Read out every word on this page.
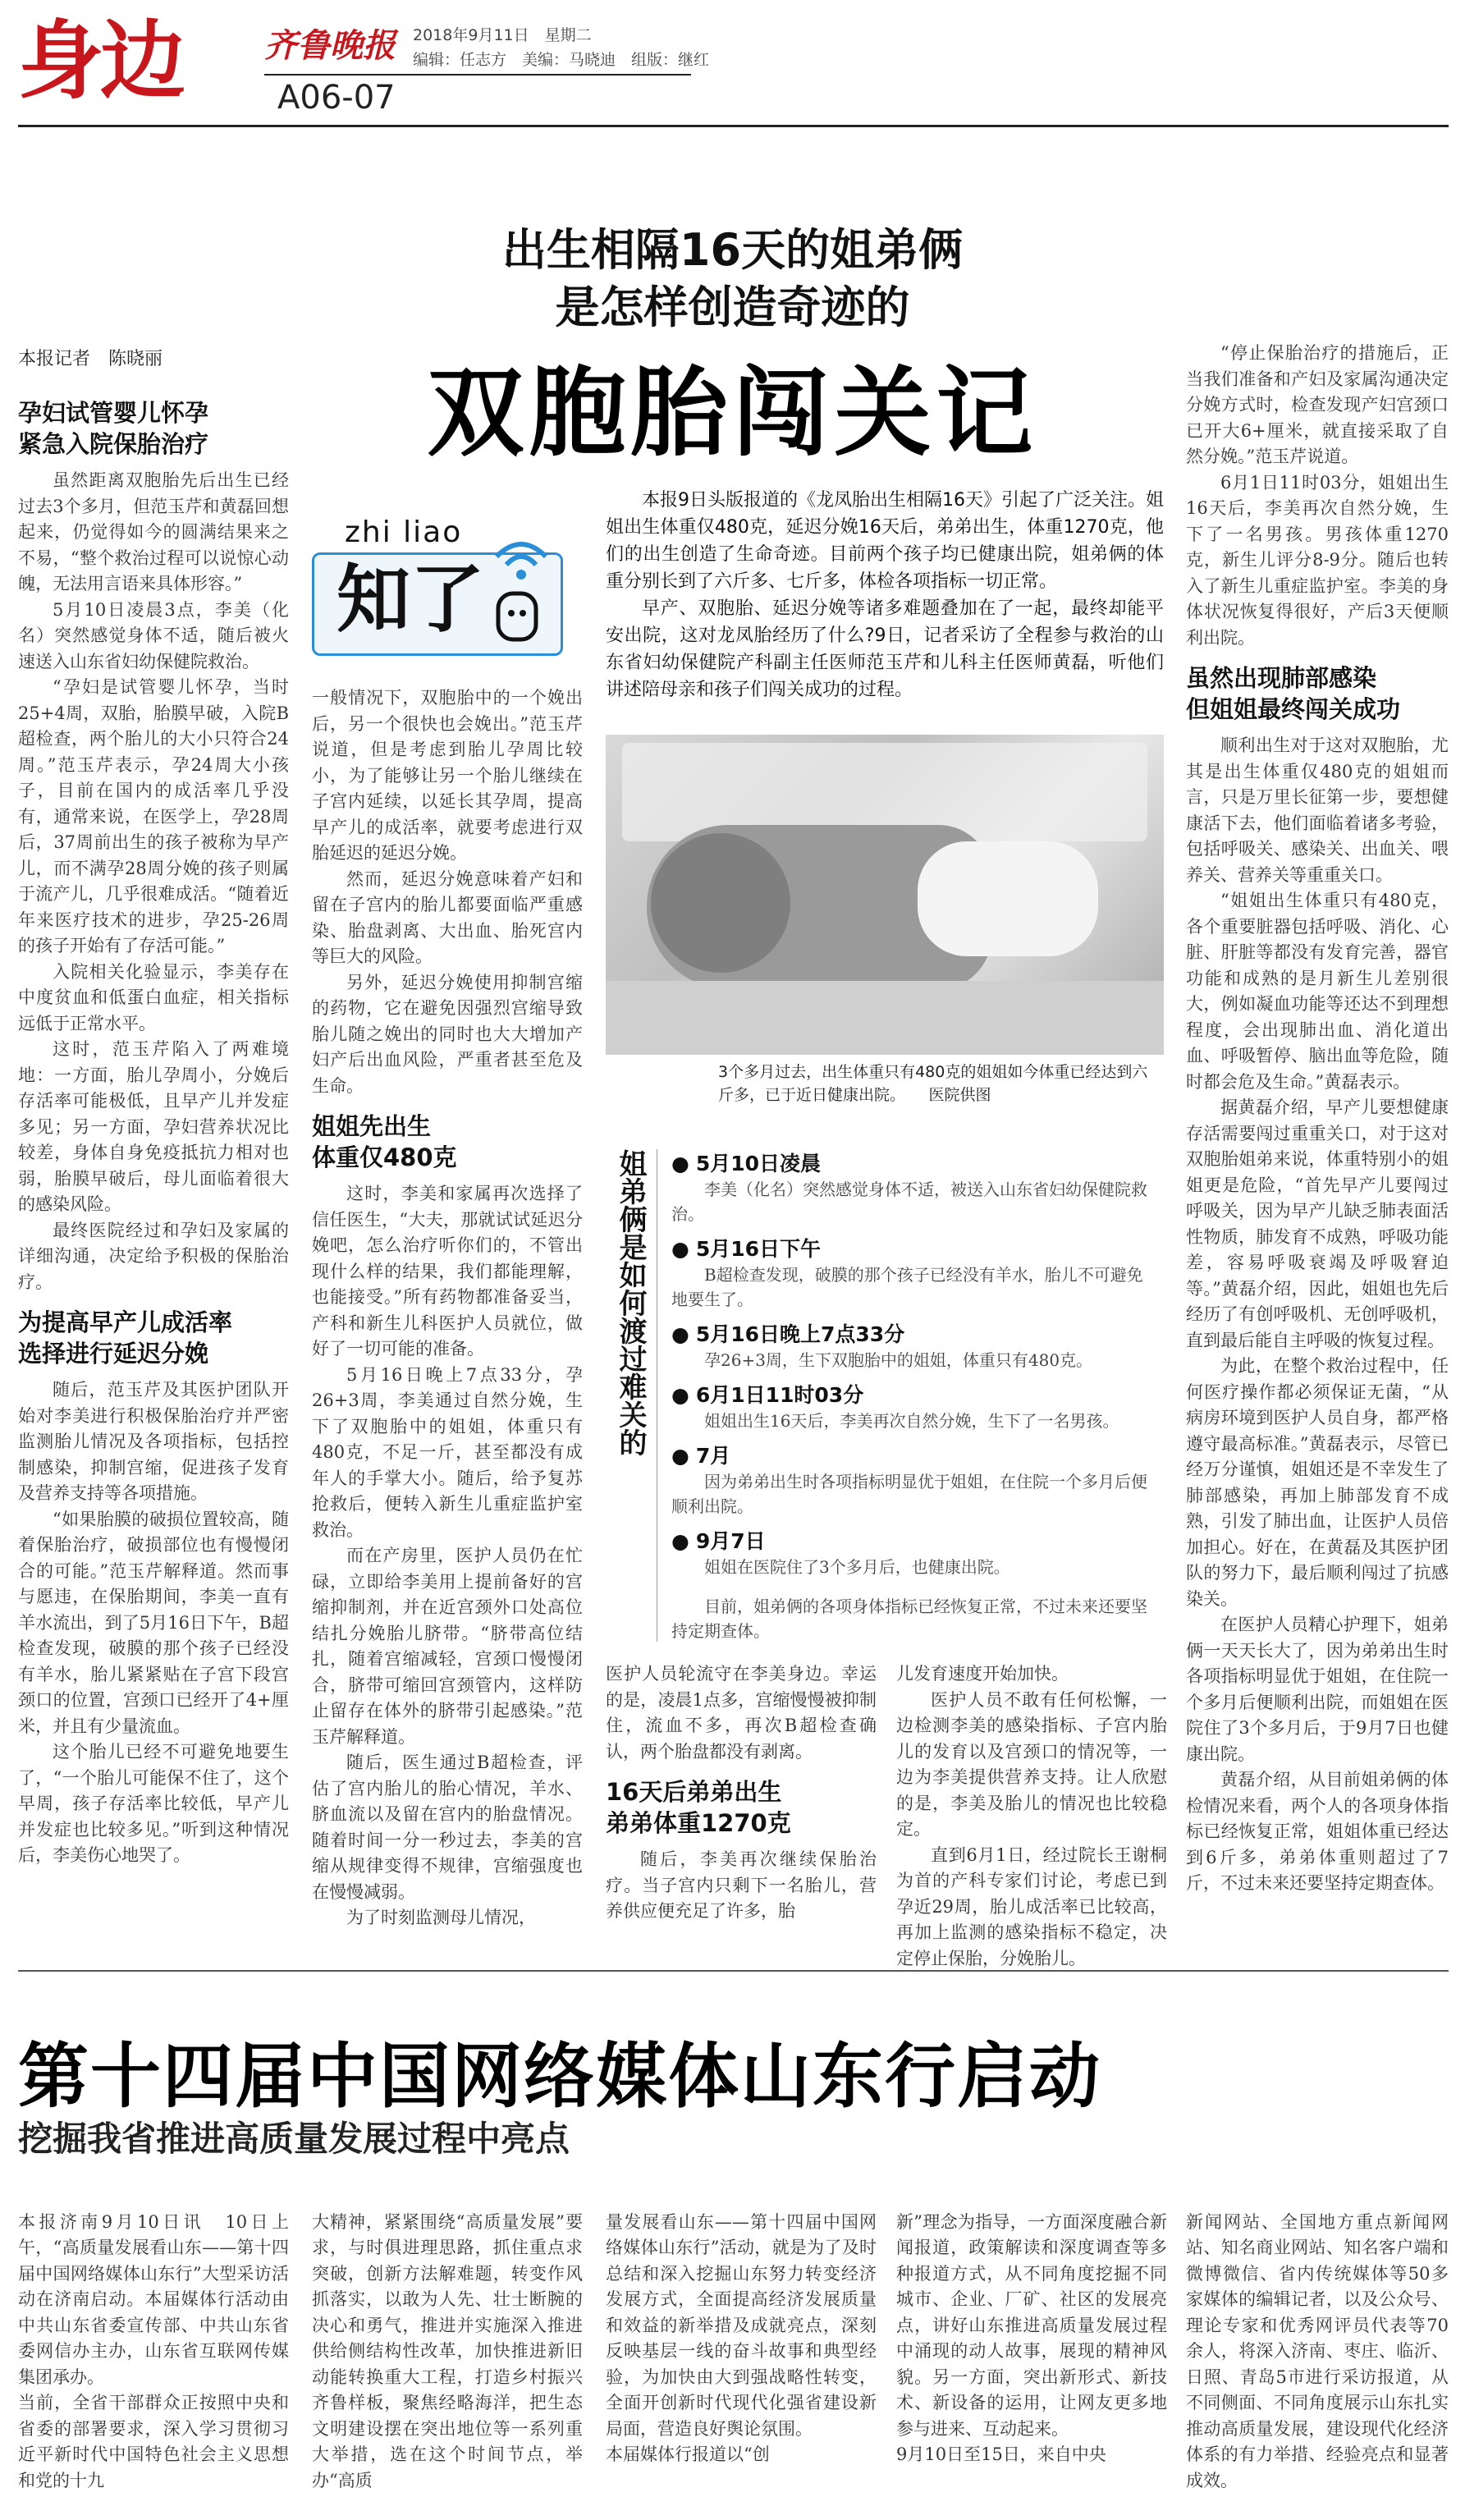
身边 齐鲁晚报 2018年9月11日　星期二
编辑：任志方　美编：马晓迪　组版：继红
A06-07
出生相隔16天的姐弟俩
是怎样创造奇迹的
双胞胎闯关记
本报记者　陈晓丽
zhi liao
知了

本报9日头版报道的《龙凤胎出生相隔16天》引起了广泛关注。姐姐出生体重仅480克，延迟分娩16天后，弟弟出生，体重1270克，他们的出生创造了生命奇迹。目前两个孩子均已健康出院，姐弟俩的体重分别长到了六斤多、七斤多，体检各项指标一切正常。

早产、双胞胎、延迟分娩等诸多难题叠加在了一起，最终却能平安出院，这对龙凤胎经历了什么?9日，记者采访了全程参与救治的山东省妇幼保健院产科副主任医师范玉芹和儿科主任医师黄磊，听他们讲述陪母亲和孩子们闯关成功的过程。

3个多月过去，出生体重只有480克的姐姐如今体重已经达到六斤多，已于近日健康出院。　　医院供图
姐弟俩是如何渡过难关的
●	5月10日凌晨
李美（化名）突然感觉身体不适，被送入山东省妇幼保健院救治。
● 5月16日下午
B超检查发现，破膜的那个孩子已经没有羊水，胎儿不可避免地要生了。
● 5月16日晚上7点33分
孕26+3周，生下双胞胎中的姐姐，体重只有480克。
● 6月1日11时03分
姐姐出生16天后，李美再次自然分娩，生下了一名男孩。
● 7月
因为弟弟出生时各项指标明显优于姐姐，在住院一个多月后便顺利出院。
● 9月7日
姐姐在医院住了3个多月后，也健康出院。
目前，姐弟俩的各项身体指标已经恢复正常，不过未来还要坚持定期查体。
孕妇试管婴儿怀孕
紧急入院保胎治疗

虽然距离双胞胎先后出生已经过去3个多月，但范玉芹和黄磊回想起来，仍觉得如今的圆满结果来之不易，“整个救治过程可以说惊心动魄，无法用言语来具体形容。”

5月10日凌晨3点，李美（化名）突然感觉身体不适，随后被火速送入山东省妇幼保健院救治。

“孕妇是试管婴儿怀孕，当时25+4周，双胎，胎膜早破，入院B超检查，两个胎儿的大小只符合24周。”范玉芹表示，孕24周大小孩子，目前在国内的成活率几乎没有，通常来说，在医学上，孕28周后，37周前出生的孩子被称为早产儿，而不满孕28周分娩的孩子则属于流产儿，几乎很难成活。“随着近年来医疗技术的进步，孕25-26周的孩子开始有了存活可能。”

入院相关化验显示，李美存在中度贫血和低蛋白血症，相关指标远低于正常水平。

这时，范玉芹陷入了两难境地：一方面，胎儿孕周小，分娩后存活率可能极低，且早产儿并发症多见；另一方面，孕妇营养状况比较差，身体自身免疫抵抗力相对也弱，胎膜早破后，母儿面临着很大的感染风险。

最终医院经过和孕妇及家属的详细沟通，决定给予积极的保胎治疗。

为提高早产儿成活率
选择进行延迟分娩

随后，范玉芹及其医护团队开始对李美进行积极保胎治疗并严密监测胎儿情况及各项指标，包括控制感染，抑制宫缩，促进孩子发育及营养支持等各项措施。

“如果胎膜的破损位置较高，随着保胎治疗，破损部位也有慢慢闭合的可能。”范玉芹解释道。然而事与愿违，在保胎期间，李美一直有羊水流出，到了5月16日下午，B超检查发现，破膜的那个孩子已经没有羊水，胎儿紧紧贴在子宫下段宫颈口的位置，宫颈口已经开了4+厘米，并且有少量流血。

这个胎儿已经不可避免地要生了，“一个胎儿可能保不住了，这个早周，孩子存活率比较低，早产儿并发症也比较多见。”听到这种情况后，李美伤心地哭了。

一般情况下，双胞胎中的一个娩出后，另一个很快也会娩出。”范玉芹说道，但是考虑到胎儿孕周比较小，为了能够让另一个胎儿继续在子宫内延续，以延长其孕周，提高早产儿的成活率，就要考虑进行双胎延迟的延迟分娩。

然而，延迟分娩意味着产妇和留在子宫内的胎儿都要面临严重感染、胎盘剥离、大出血、胎死宫内等巨大的风险。

另外，延迟分娩使用抑制宫缩的药物，它在避免因强烈宫缩导致胎儿随之娩出的同时也大大增加产妇产后出血风险，严重者甚至危及生命。

姐姐先出生
体重仅480克

这时，李美和家属再次选择了信任医生，“大夫，那就试试延迟分娩吧，怎么治疗听你们的，不管出现什么样的结果，我们都能理解，也能接受。”所有药物都准备妥当，产科和新生儿科医护人员就位，做好了一切可能的准备。

5月16日晚上7点33分，孕26+3周，李美通过自然分娩，生下了双胞胎中的姐姐，体重只有480克，不足一斤，甚至都没有成年人的手掌大小。随后，给予复苏抢救后，便转入新生儿重症监护室救治。

而在产房里，医护人员仍在忙碌，立即给李美用上提前备好的宫缩抑制剂，并在近宫颈外口处高位结扎分娩胎儿脐带。“脐带高位结扎，随着宫缩减轻，宫颈口慢慢闭合，脐带可缩回宫颈管内，这样防止留存在体外的脐带引起感染。”范玉芹解释道。

随后，医生通过B超检查，评估了宫内胎儿的胎心情况，羊水、脐血流以及留在宫内的胎盘情况。随着时间一分一秒过去，李美的宫缩从规律变得不规律，宫缩强度也在慢慢减弱。

为了时刻监测母儿情况，

医护人员轮流守在李美身边。幸运的是，凌晨1点多，宫缩慢慢被抑制住，流血不多，再次B超检查确认，两个胎盘都没有剥离。

16天后弟弟出生
弟弟体重1270克

随后，李美再次继续保胎治疗。当子宫内只剩下一名胎儿，营养供应便充足了许多，胎

儿发育速度开始加快。

医护人员不敢有任何松懈，一边检测李美的感染指标、子宫内胎儿的发育以及宫颈口的情况等，一边为李美提供营养支持。让人欣慰的是，李美及胎儿的情况也比较稳定。

直到6月1日，经过院长王谢桐为首的产科专家们讨论，考虑已到孕近29周，胎儿成活率已比较高，再加上监测的感染指标不稳定，决定停止保胎，分娩胎儿。

“停止保胎治疗的措施后，正当我们准备和产妇及家属沟通决定分娩方式时，检查发现产妇宫颈口已开大6+厘米，就直接采取了自然分娩。”范玉芹说道。

6月1日11时03分，姐姐出生16天后，李美再次自然分娩，生下了一名男孩。男孩体重1270克，新生儿评分8-9分。随后也转入了新生儿重症监护室。李美的身体状况恢复得很好，产后3天便顺利出院。

虽然出现肺部感染
但姐姐最终闯关成功

顺利出生对于这对双胞胎，尤其是出生体重仅480克的姐姐而言，只是万里长征第一步，要想健康活下去，他们面临着诸多考验，包括呼吸关、感染关、出血关、喂养关、营养关等重重关口。

“姐姐出生体重只有480克，各个重要脏器包括呼吸、消化、心脏、肝脏等都没有发育完善，器官功能和成熟的是月新生儿差别很大，例如凝血功能等还达不到理想程度，会出现肺出血、消化道出血、呼吸暂停、脑出血等危险，随时都会危及生命。”黄磊表示。

据黄磊介绍，早产儿要想健康存活需要闯过重重关口，对于这对双胞胎姐弟来说，体重特别小的姐姐更是危险，“首先早产儿要闯过呼吸关，因为早产儿缺乏肺表面活性物质，肺发育不成熟，呼吸功能差，容易呼吸衰竭及呼吸窘迫等。”黄磊介绍，因此，姐姐也先后经历了有创呼吸机、无创呼吸机，直到最后能自主呼吸的恢复过程。

为此，在整个救治过程中，任何医疗操作都必须保证无菌，“从病房环境到医护人员自身，都严格遵守最高标准。”黄磊表示，尽管已经万分谨慎，姐姐还是不幸发生了肺部感染，再加上肺部发育不成熟，引发了肺出血，让医护人员倍加担心。好在，在黄磊及其医护团队的努力下，最后顺利闯过了抗感染关。

在医护人员精心护理下，姐弟俩一天天长大了，因为弟弟出生时各项指标明显优于姐姐，在住院一个多月后便顺利出院，而姐姐在医院住了3个多月后，于9月7日也健康出院。

黄磊介绍，从目前姐弟俩的体检情况来看，两个人的各项身体指标已经恢复正常，姐姐体重已经达到6斤多，弟弟体重则超过了7斤，不过未来还要坚持定期查体。

第十四届中国网络媒体山东行启动
挖掘我省推进高质量发展过程中亮点

本报济南9月10日讯　10日上午，“高质量发展看山东——第十四届中国网络媒体山东行”大型采访活动在济南启动。本届媒体行活动由中共山东省委宣传部、中共山东省委网信办主办，山东省互联网传媒集团承办。
当前，全省干部群众正按照中央和省委的部署要求，深入学习贯彻习近平新时代中国特色社会主义思想和党的十九

大精神，紧紧围绕“高质量发展”要求，与时俱进理思路，抓住重点求突破，创新方法解难题，转变作风抓落实，以敢为人先、壮士断腕的决心和勇气，推进并实施深入推进供给侧结构性改革，加快推进新旧动能转换重大工程，打造乡村振兴齐鲁样板，聚焦经略海洋，把生态文明建设摆在突出地位等一系列重大举措，选在这个时间节点，举办“高质

量发展看山东——第十四届中国网络媒体山东行”活动，就是为了及时总结和深入挖掘山东努力转变经济发展方式，全面提高经济发展质量和效益的新举措及成就亮点，深刻反映基层一线的奋斗故事和典型经验，为加快由大到强战略性转变，全面开创新时代现代化强省建设新局面，营造良好舆论氛围。
本届媒体行报道以“创

新”理念为指导，一方面深度融合新闻报道，政策解读和深度调查等多种报道方式，从不同角度挖掘不同城市、企业、厂矿、社区的发展亮点，讲好山东推进高质量发展过程中涌现的动人故事，展现的精神风貌。另一方面，突出新形式、新技术、新设备的运用，让网友更多地参与进来、互动起来。
9月10日至15日，来自中央

新闻网站、全国地方重点新闻网站、知名商业网站、知名客户端和微博微信、省内传统媒体等50多家媒体的编辑记者，以及公众号、理论专家和优秀网评员代表等70余人，将深入济南、枣庄、临沂、日照、青岛5市进行采访报道，从不同侧面、不同角度展示山东扎实推动高质量发展，建设现代化经济体系的有力举措、经验亮点和显著成效。
